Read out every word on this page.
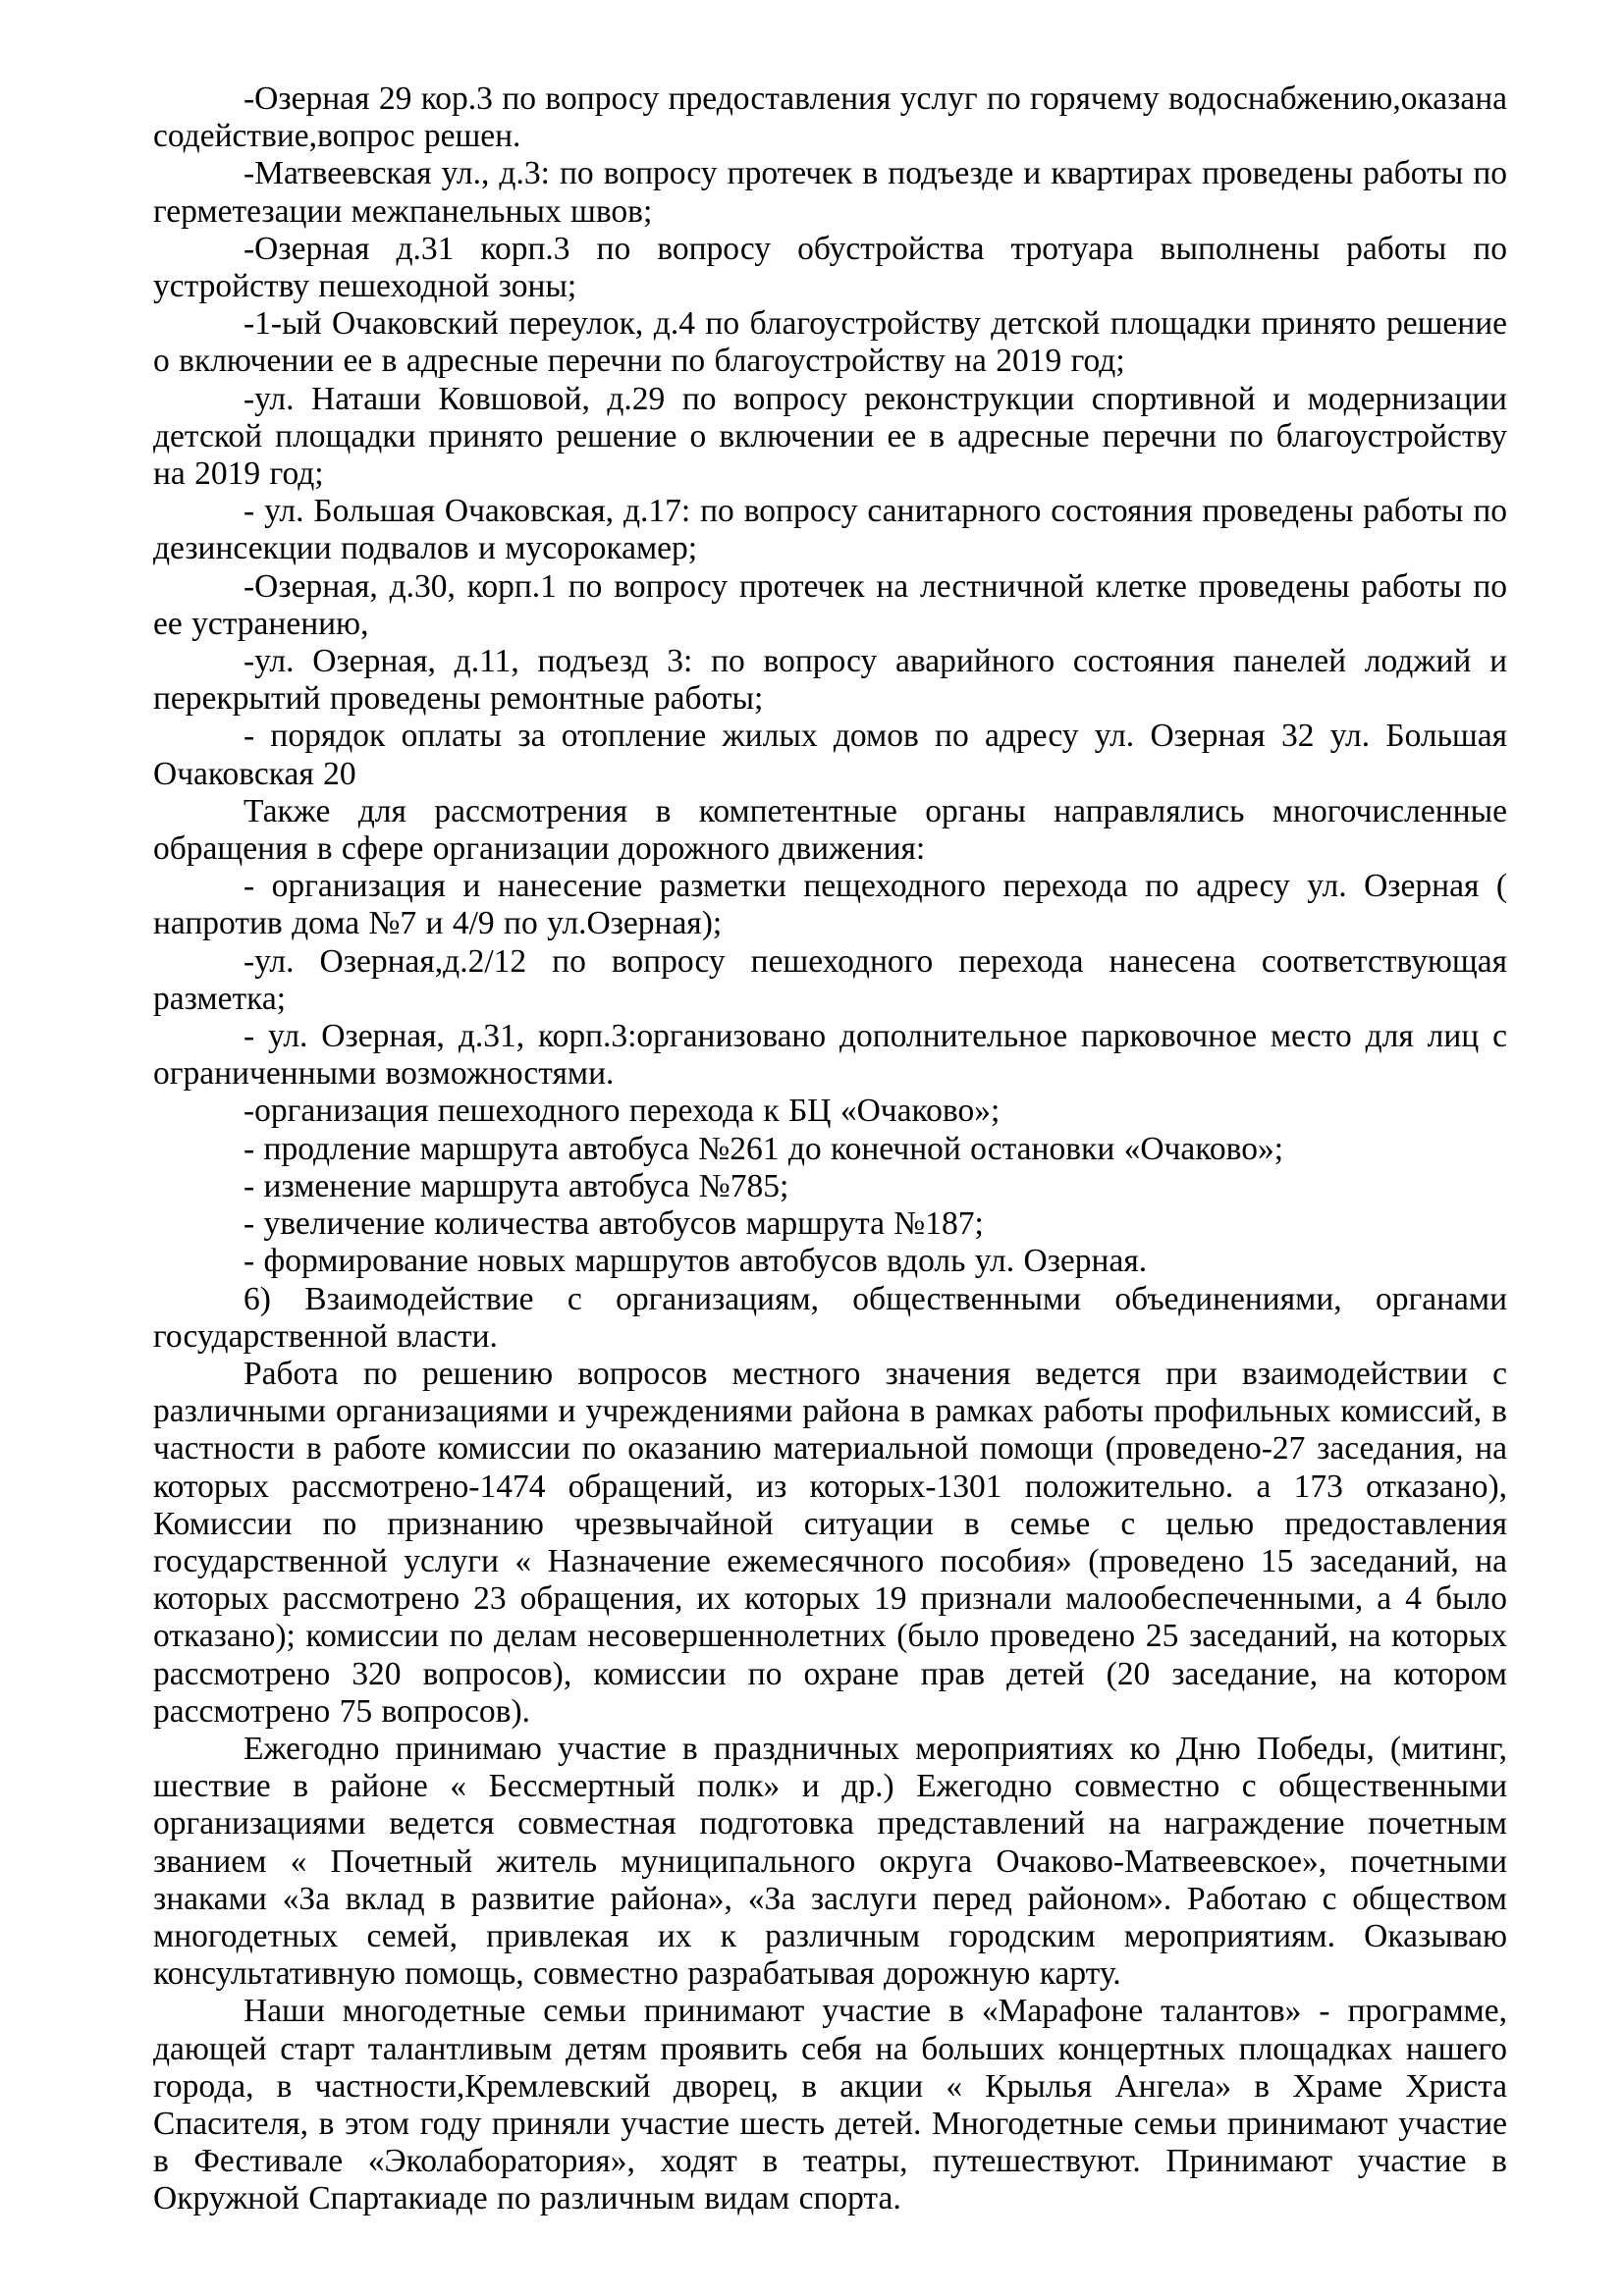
-Озерная 29 кор.3 по вопросу предоставления услуг по горячему водоснабжению,оказана содействие,вопрос решен.

-Матвеевская ул., д.3: по вопросу протечек в подъезде и квартирах проведены работы по герметезации межпанельных швов;

-Озерная д.31 корп.3 по вопросу обустройства тротуара выполнены работы по устройству пешеходной зоны;

-1-ый Очаковский переулок, д.4 по благоустройству детской площадки принято решение о включении ее в адресные перечни по благоустройству на 2019 год;

-ул. Наташи Ковшовой, д.29 по вопросу реконструкции спортивной и модернизации детской площадки принято решение о включении ее в адресные перечни по благоустройству на 2019 год;

- ул. Большая Очаковская, д.17: по вопросу санитарного состояния проведены работы по дезинсекции подвалов и мусорокамер;

-Озерная, д.30, корп.1 по вопросу протечек на лестничной клетке проведены работы по ее устранению,

-ул. Озерная, д.11, подъезд 3: по вопросу аварийного состояния панелей лоджий и перекрытий проведены ремонтные работы;

- порядок оплаты за отопление жилых домов по адресу ул. Озерная 32 ул. Большая Очаковская 20

Также для рассмотрения в компетентные органы направлялись многочисленные обращения в сфере организации дорожного движения:

- организация и нанесение разметки пещеходного перехода по адресу ул. Озерная ( напротив дома №7 и 4/9 по ул.Озерная);

-ул. Озерная,д.2/12 по вопросу пешеходного перехода нанесена соответствующая разметка;

- ул. Озерная, д.31, корп.3:организовано дополнительное парковочное место для лиц с ограниченными возможностями.

-организация пешеходного перехода к БЦ «Очаково»;

- продление маршрута автобуса №261 до конечной остановки «Очаково»;

- изменение маршрута автобуса №785;

- увеличение количества автобусов маршрута №187;

- формирование новых маршрутов автобусов вдоль ул. Озерная.

6) Взаимодействие с организациям, общественными объединениями, органами государственной власти.

Работа по решению вопросов местного значения ведется при взаимодействии с различными организациями и учреждениями района в рамках работы профильных комиссий, в частности в работе комиссии по оказанию материальной помощи (проведено-27 заседания, на которых рассмотрено-1474 обращений, из которых-1301 положительно. а 173 отказано), Комиссии по признанию чрезвычайной ситуации в семье с целью предоставления государственной услуги « Назначение ежемесячного пособия» (проведено 15 заседаний, на которых рассмотрено 23 обращения, их которых 19 признали малообеспеченными, а 4 было отказано); комиссии по делам несовершеннолетних (было проведено 25 заседаний, на которых рассмотрено 320 вопросов), комиссии по охране прав детей (20 заседание, на котором рассмотрено 75 вопросов).

Ежегодно принимаю участие в праздничных мероприятиях ко Дню Победы, (митинг, шествие в районе « Бессмертный полк» и др.) Ежегодно совместно с общественными организациями ведется совместная подготовка представлений на награждение почетным званием « Почетный житель муниципального округа Очаково-Матвеевское», почетными знаками «За вклад в развитие района», «За заслуги перед районом». Работаю с обществом многодетных семей, привлекая их к различным городским мероприятиям. Оказываю консультативную помощь, совместно разрабатывая дорожную карту.

Наши многодетные семьи принимают участие в «Марафоне талантов» - программе, дающей старт талантливым детям проявить себя на больших концертных площадках нашего города, в частности,Кремлевский дворец, в акции « Крылья Ангела» в Храме Христа Спасителя, в этом году приняли участие шесть детей. Многодетные семьи принимают участие в Фестивале «Эколаборатория», ходят в театры, путешествуют. Принимают участие в Окружной Спартакиаде по различным видам спорта.
